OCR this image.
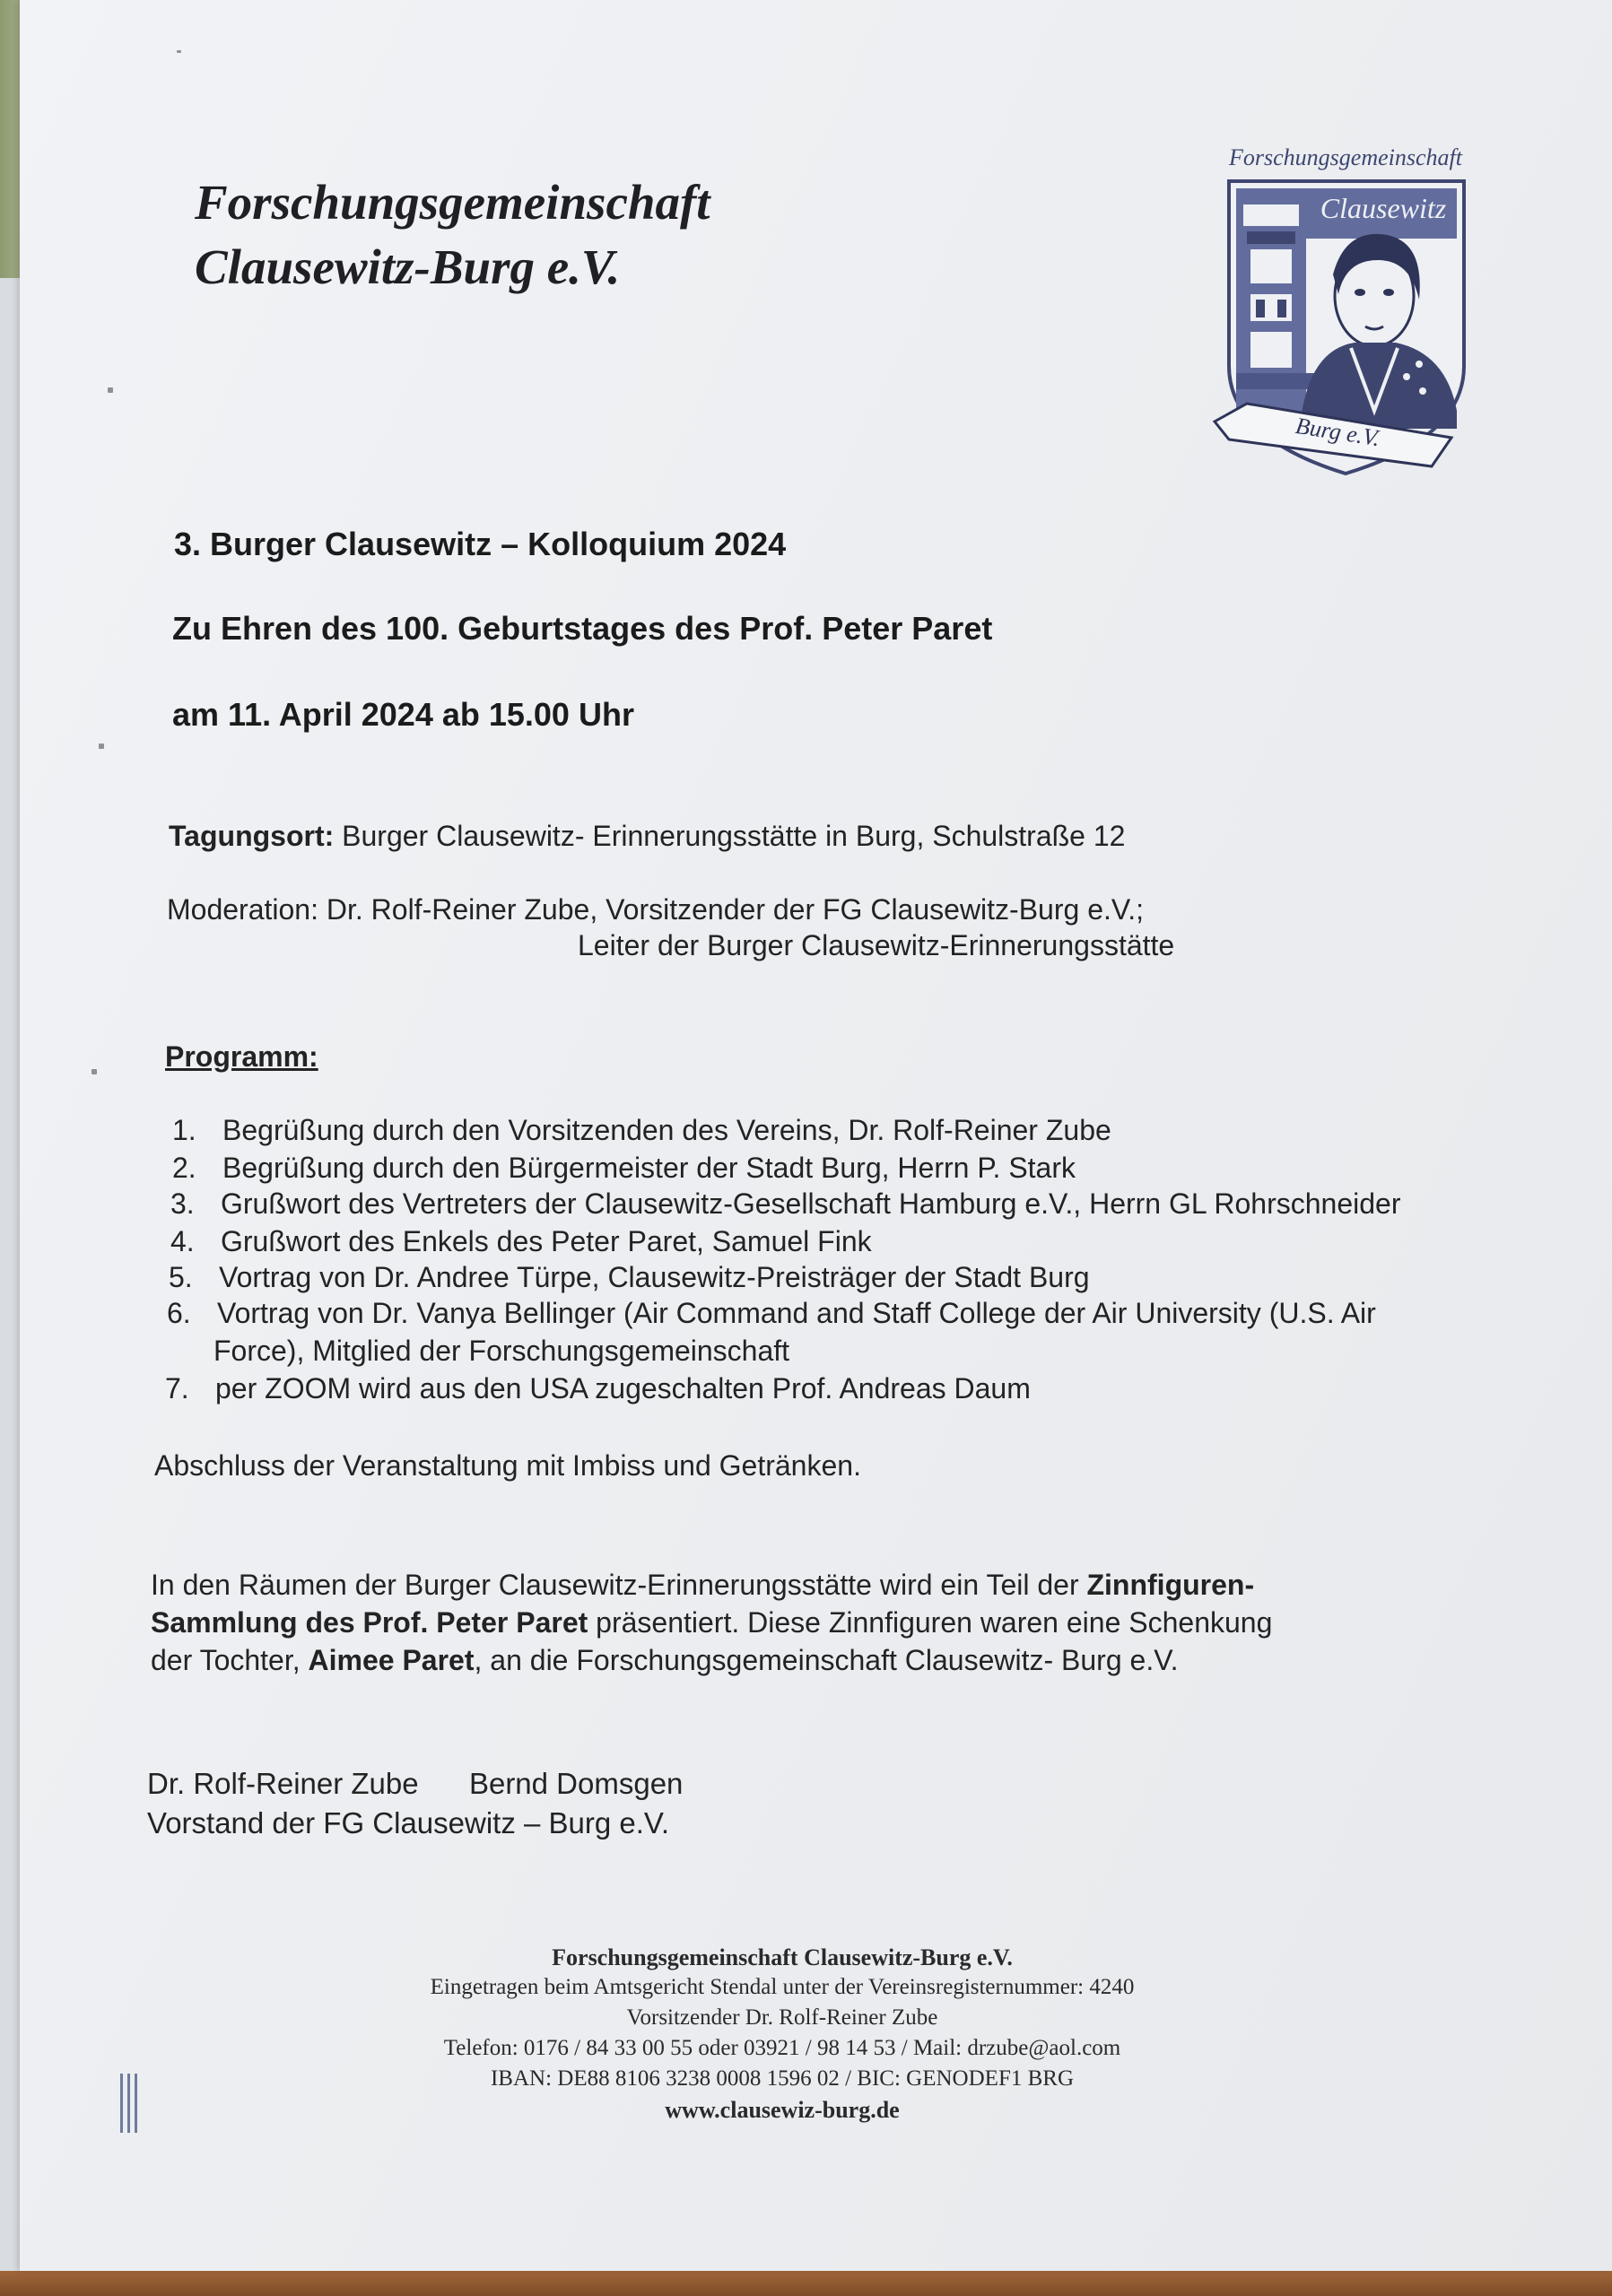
Forschungsgemeinschaft
Clausewitz-Burg e.V.
Forschungsgemeinschaft
Clausewitz
Burg e.V.
3. Burger Clausewitz – Kolloquium 2024
Zu Ehren des 100. Geburtstages des Prof. Peter Paret
am 11. April 2024 ab 15.00 Uhr
Tagungsort: Burger Clausewitz- Erinnerungsstätte in Burg, Schulstraße 12
Moderation: Dr. Rolf-Reiner Zube, Vorsitzender der FG Clausewitz-Burg e.V.;
Leiter der Burger Clausewitz-Erinnerungsstätte
Programm:
1. Begrüßung durch den Vorsitzenden des Vereins, Dr. Rolf-Reiner Zube
2. Begrüßung durch den Bürgermeister der Stadt Burg, Herrn P. Stark
3. Grußwort des Vertreters der Clausewitz-Gesellschaft Hamburg e.V., Herrn GL Rohrschneider
4. Grußwort des Enkels des Peter Paret, Samuel Fink
5. Vortrag von Dr. Andree Türpe, Clausewitz-Preisträger der Stadt Burg
6. Vortrag von Dr. Vanya Bellinger (Air Command and Staff College der Air University (U.S. Air
Force), Mitglied der Forschungsgemeinschaft
7. per ZOOM wird aus den USA zugeschalten Prof. Andreas Daum
Abschluss der Veranstaltung mit Imbiss und Getränken.
In den Räumen der Burger Clausewitz-Erinnerungsstätte wird ein Teil der Zinnfiguren-
Sammlung des Prof. Peter Paret präsentiert. Diese Zinnfiguren waren eine Schenkung
der Tochter, Aimee Paret, an die Forschungsgemeinschaft Clausewitz- Burg e.V.
Dr. Rolf-Reiner Zube Bernd Domsgen
Vorstand der FG Clausewitz – Burg e.V.
Forschungsgemeinschaft Clausewitz-Burg e.V.
Eingetragen beim Amtsgericht Stendal unter der Vereinsregisternummer: 4240
Vorsitzender Dr. Rolf-Reiner Zube
Telefon: 0176 / 84 33 00 55 oder 03921 / 98 14 53 / Mail: drzube@aol.com
IBAN: DE88 8106 3238 0008 1596 02 / BIC: GENODEF1 BRG
www.clausewiz-burg.de
